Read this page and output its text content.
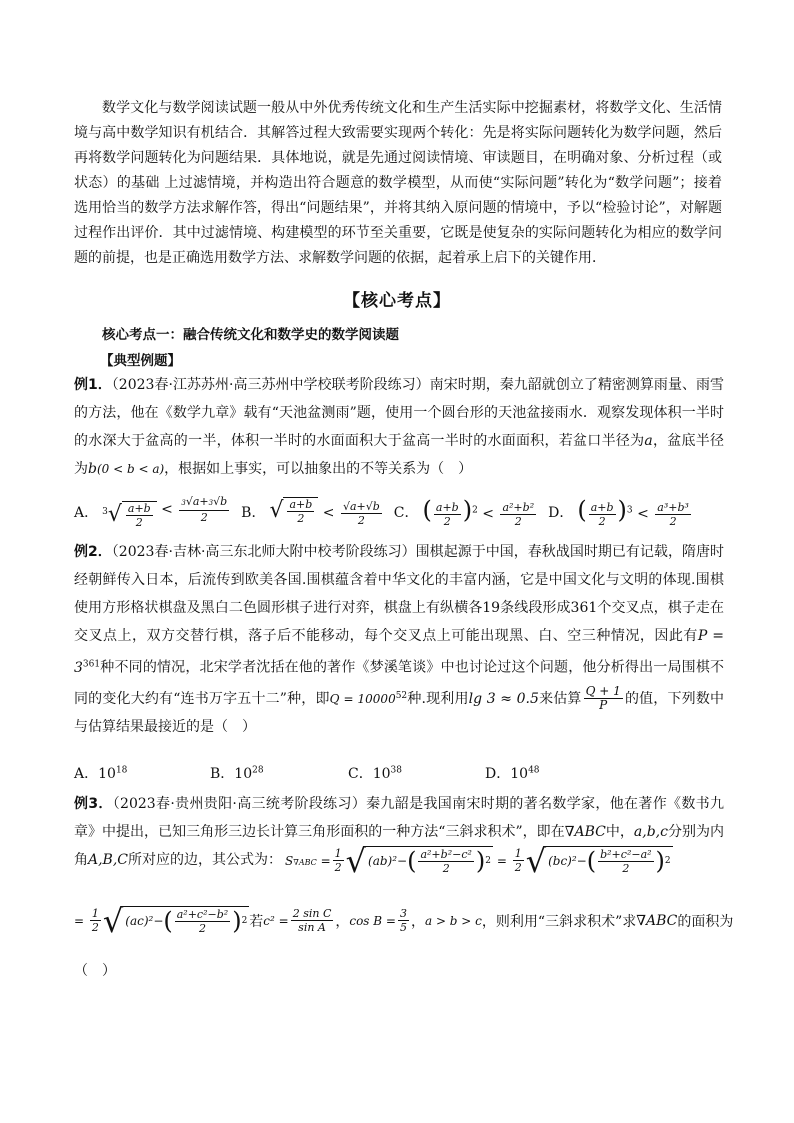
数学文化与数学阅读试题一般从中外优秀传统文化和生产生活实际中挖掘素材，将数学文化、生活情境与高中数学知识有机结合．其解答过程大致需要实现两个转化：先是将实际问题转化为数学问题，然后再将数学问题转化为问题结果．具体地说，就是先通过阅读情境、审读题目，在明确对象、分析过程（或状态）的基础 上过滤情境，并构造出符合题意的数学模型，从而使“实际问题”转化为“数学问题”；接着选用恰当的数学方法求解作答，得出“问题结果”，并将其纳入原问题的情境中，予以“检验讨论”，对解题过程作出评价．其中过滤情境、构建模型的环节至关重要，它既是使复杂的实际问题转化为相应的数学问题的前提，也是正确选用数学方法、求解数学问题的依据，起着承上启下的关键作用．
【核心考点】
核心考点一：融合传统文化和数学史的数学阅读题
【典型例题】
例1．（2023春·江苏苏州·高三苏州中学校联考阶段练习）南宋时期，秦九韶就创立了精密测算雨量、雨雪的方法，他在《数学九章》载有“天池盆测雨”题，使用一个圆台形的天池盆接雨水．观察发现体积一半时的水深大于盆高的一半，体积一半时的水面面积大于盆高一半时的水面面积，若盆口半径为a，盆底半径为b(0 < b < a)，根据如上事实，可以抽象出的不等关系为（　）
A． 3 √ $\frac{a+b}{2} < \frac{3√a+3√b}{2}$ B． √ $\frac{a+b}{2} < \frac{√a+√b}{2}$ C． ( $\frac{a+b}{2} )^2 < \frac{\text{a²+b²}}{2}$ D． ( $\frac{a+b}{2} )^3 < \frac{\text{a³+b³}}{2}$
例2．（2023春·吉林·高三东北师大附中校考阶段练习）围棋起源于中国，春秋战国时期已有记载，隋唐时经朝鲜传入日本，后流传到欧美各国.围棋蕴含着中华文化的丰富内涵，它是中国文化与文明的体现.围棋使用方形格状棋盘及黑白二色圆形棋子进行对弈，棋盘上有纵横各19条线段形成361个交叉点，棋子走在交叉点上，双方交替行棋，落子后不能移动，每个交叉点上可能出现黑、白、空三种情况，因此有$P = 3^{361}$种不同的情况，北宋学者沈括在他的著作《梦溪笔谈》中也讨论过这个问题，他分析得出一局围棋不同的变化大约有“连书万字五十二”种，即$Q = 10000^{52}$种.现利用lg 3 ≈ 0.5来估算 $\frac{Q + 1}{P}$ 的值，下列数中与估算结果最接近的是（　）
A．$10^{18}$	B．$10^{28}$	C．$10^{38}$	D．$10^{48}$
例3．（2023春·贵州贵阳·高三统考阶段练习）秦九韶是我国南宋时期的著名数学家，他在著作《数书九章》中提出，已知三角形三边长计算三角形面积的一种方法“三斜求积术”，即在∇ABC中，a,b,c分别为内角A,B,C所对应的边，其公式为： $S\nabla ABC = \frac{1}{2}$ √ (ab)²− ( $\frac{\text{a²+b²−c²}}{2}$ ) $2 = \frac{1}{2}$ √ (bc)²− ( $\frac{\text{b²+c²−a²}}{2}$ ) 2
= $\frac{1}{2}$ √ (ac)²− ( $\frac{\text{a²+c²−b²}}{2}$ ) 2 若 $c^2 = \frac{\text{2 sin C}}{\text{sin A}}$ ， $\cos B = \frac{3}{5}$ ， a > b > c ，则利用“三斜求积术”求 ∇ABC 的面积为
（　）
